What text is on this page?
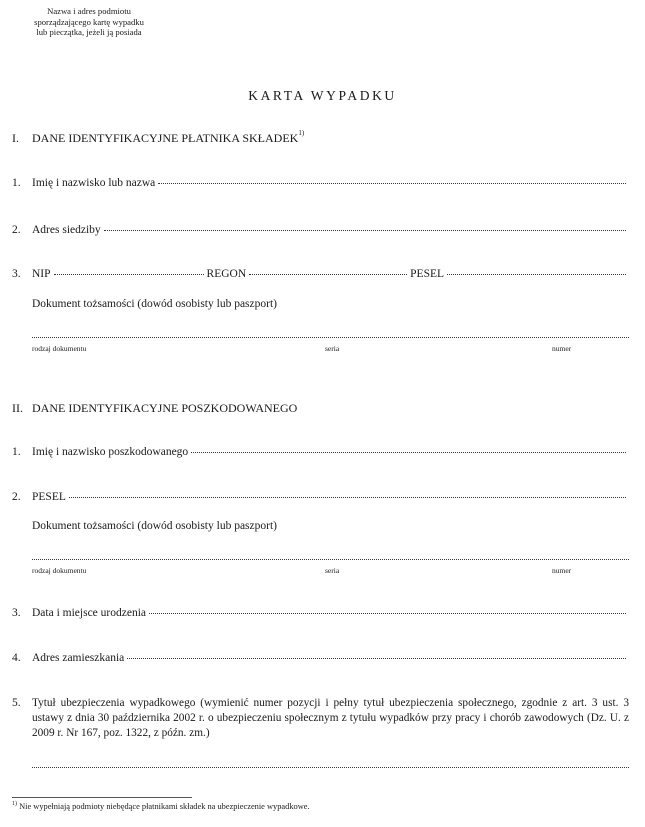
Nazwa i adres podmiotu
sporządzającego kartę wypadku
lub pieczątka, jeżeli ją posiada
KARTA WYPADKU
I.	DANE IDENTYFIKACYJNE PŁATNIKA SKŁADEK$^{1)}$
1. Imię i nazwisko lub nazwa
2. Adres siedziby
3. NIP	REGON	PESEL
Dokument tożsamości (dowód osobisty lub paszport)
rodzaj dokumentu	seria	numer
II. DANE IDENTYFIKACYJNE POSZKODOWANEGO
1. Imię i nazwisko poszkodowanego
2. PESEL
Dokument tożsamości (dowód osobisty lub paszport)
rodzaj dokumentu	seria	numer
3. Data i miejsce urodzenia
4. Adres zamieszkania
5. Tytuł ubezpieczenia wypadkowego (wymienić numer pozycji i pełny tytuł ubezpieczenia społecznego, zgodnie z art. 3 ust. 3 ustawy z dnia 30 października 2002 r. o ubezpieczeniu społecznym z tytułu wypadków przy pracy i chorób zawodowych (Dz. U. z 2009 r. Nr 167, poz. 1322, z późn. zm.)
$^{1)}$ Nie wypełniają podmioty niebędące płatnikami składek na ubezpieczenie wypadkowe.
